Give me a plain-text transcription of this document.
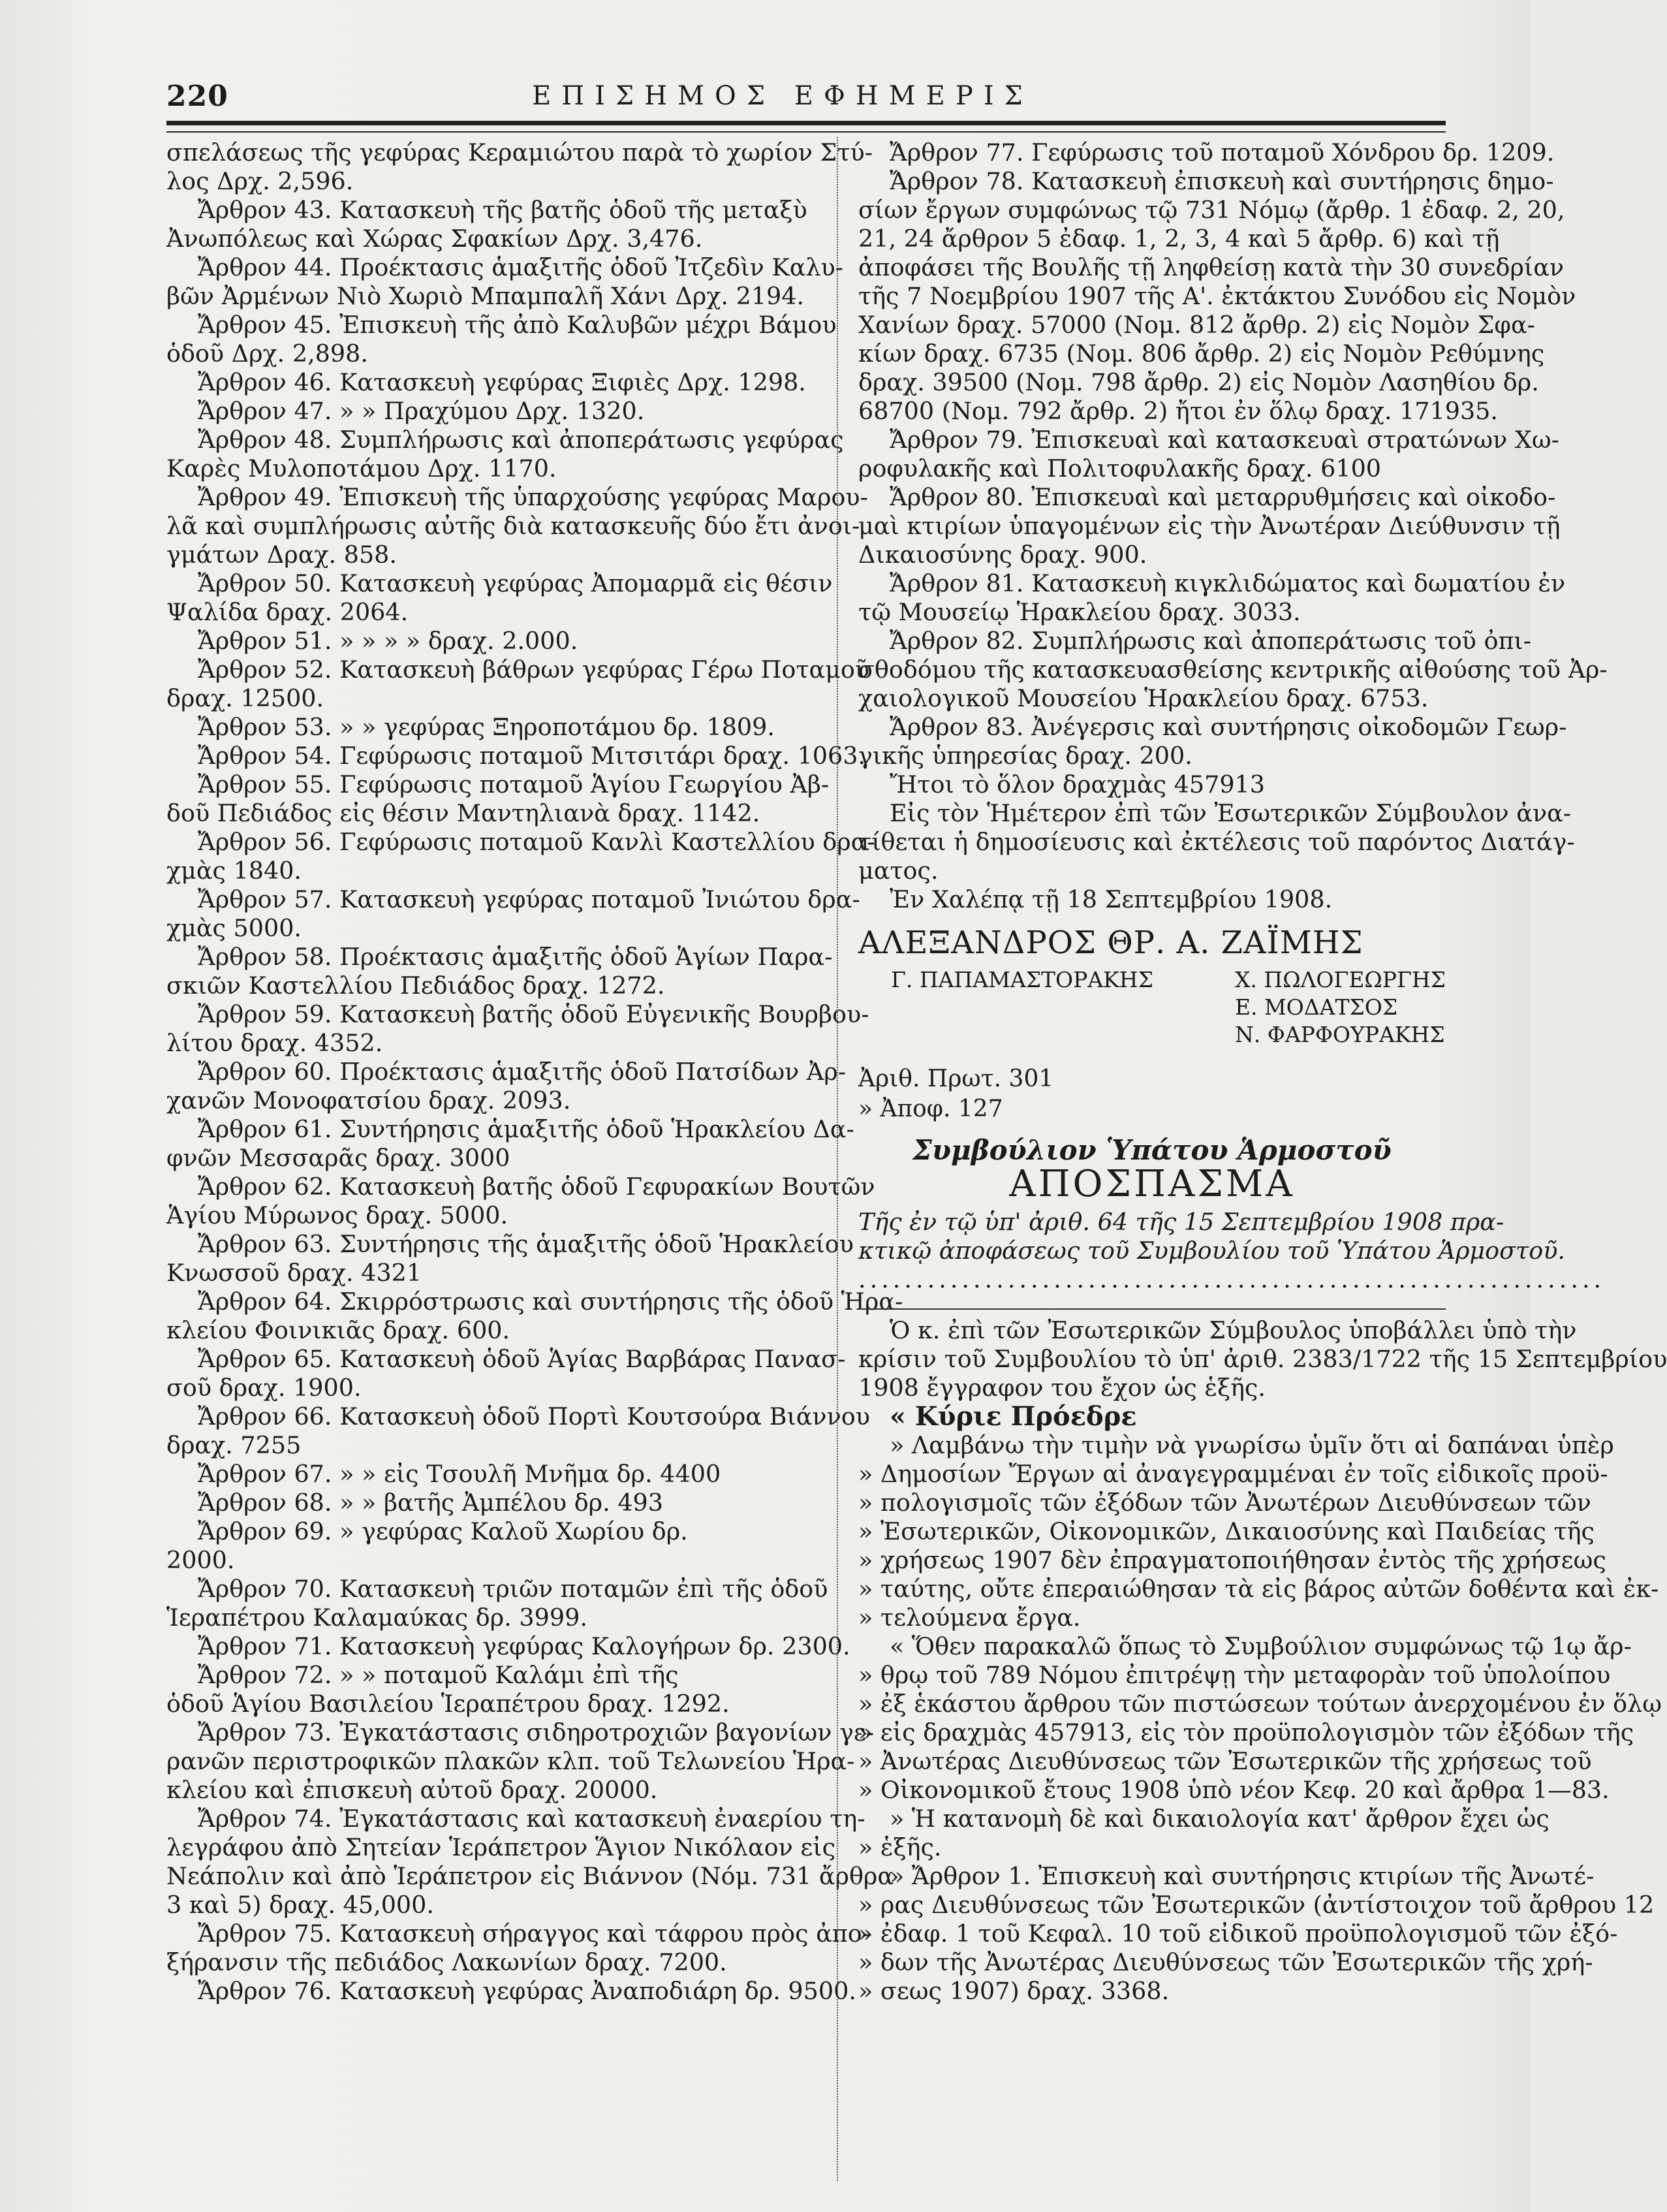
220	ΕΠΙΣΗΜΟΣ ΕΦΗΜΕΡΙΣ
σπελάσεως τῆς γεφύρας Κεραμιώτου παρὰ τὸ χωρίον Στύ-
λος Δρχ. 2,596.
Ἄρθρον 43. Κατασκευὴ τῆς βατῆς ὁδοῦ τῆς μεταξὺ
Ἀνωπόλεως καὶ Χώρας Σφακίων Δρχ. 3,476.
Ἄρθρον 44. Προέκτασις ἁμαξιτῆς ὁδοῦ Ἰτζεδὶν Καλυ-
βῶν Ἀρμένων Νιὸ Χωριὸ Μπαμπαλῆ Χάνι Δρχ. 2194.
Ἄρθρον 45. Ἐπισκευὴ τῆς ἀπὸ Καλυβῶν μέχρι Βάμου
ὁδοῦ Δρχ. 2,898.
Ἄρθρον 46. Κατασκευὴ γεφύρας Ξιφιὲς Δρχ. 1298.
Ἄρθρον 47. » » Πραχύμου Δρχ. 1320.
Ἄρθρον 48. Συμπλήρωσις καὶ ἀποπεράτωσις γεφύρας
Καρὲς Μυλοποτάμου Δρχ. 1170.
Ἄρθρον 49. Ἐπισκευὴ τῆς ὑπαρχούσης γεφύρας Μαρου-
λᾶ καὶ συμπλήρωσις αὐτῆς διὰ κατασκευῆς δύο ἔτι ἀνοι-
γμάτων Δραχ. 858.
Ἄρθρον 50. Κατασκευὴ γεφύρας Ἀπομαρμᾶ εἰς θέσιν
Ψαλίδα δραχ. 2064.
Ἄρθρον 51. » » » » δραχ. 2.000.
Ἄρθρον 52. Κατασκευὴ βάθρων γεφύρας Γέρω Ποταμοῦ
δραχ. 12500.
Ἄρθρον 53. » » γεφύρας Ξηροποτάμου δρ. 1809.
Ἄρθρον 54. Γεφύρωσις ποταμοῦ Μιτσιτάρι δραχ. 1063.
Ἄρθρον 55. Γεφύρωσις ποταμοῦ Ἁγίου Γεωργίου Ἀβ-
δοῦ Πεδιάδος εἰς θέσιν Μαντηλιανὰ δραχ. 1142.
Ἄρθρον 56. Γεφύρωσις ποταμοῦ Κανλὶ Καστελλίου δρα-
χμὰς 1840.
Ἄρθρον 57. Κατασκευὴ γεφύρας ποταμοῦ Ἰνιώτου δρα-
χμὰς 5000.
Ἄρθρον 58. Προέκτασις ἁμαξιτῆς ὁδοῦ Ἁγίων Παρα-
σκιῶν Καστελλίου Πεδιάδος δραχ. 1272.
Ἄρθρον 59. Κατασκευὴ βατῆς ὁδοῦ Εὐγενικῆς Βουρβου-
λίτου δραχ. 4352.
Ἄρθρον 60. Προέκτασις ἁμαξιτῆς ὁδοῦ Πατσίδων Ἀρ-
χανῶν Μονοφατσίου δραχ. 2093.
Ἄρθρον 61. Συντήρησις ἁμαξιτῆς ὁδοῦ Ἡρακλείου Δα-
φνῶν Μεσσαρᾶς δραχ. 3000
Ἄρθρον 62. Κατασκευὴ βατῆς ὁδοῦ Γεφυρακίων Βουτῶν
Ἁγίου Μύρωνος δραχ. 5000.
Ἄρθρον 63. Συντήρησις τῆς ἁμαξιτῆς ὁδοῦ Ἡρακλείου
Κνωσσοῦ δραχ. 4321
Ἄρθρον 64. Σκιρρόστρωσις καὶ συντήρησις τῆς ὁδοῦ Ἡρα-
κλείου Φοινικιᾶς δραχ. 600.
Ἄρθρον 65. Κατασκευὴ ὁδοῦ Ἁγίας Βαρβάρας Πανασ-
σοῦ δραχ. 1900.
Ἄρθρον 66. Κατασκευὴ ὁδοῦ Πορτὶ Κουτσούρα Βιάννου
δραχ. 7255
Ἄρθρον 67. » » εἰς Τσουλῆ Μνῆμα δρ. 4400
Ἄρθρον 68. » » βατῆς Ἀμπέλου δρ. 493
Ἄρθρον 69. » γεφύρας Καλοῦ Χωρίου δρ.
2000.
Ἄρθρον 70. Κατασκευὴ τριῶν ποταμῶν ἐπὶ τῆς ὁδοῦ
Ἱεραπέτρου Καλαμαύκας δρ. 3999.
Ἄρθρον 71. Κατασκευὴ γεφύρας Καλογήρων δρ. 2300.
Ἄρθρον 72. » » ποταμοῦ Καλάμι ἐπὶ τῆς
ὁδοῦ Ἁγίου Βασιλείου Ἱεραπέτρου δραχ. 1292.
Ἄρθρον 73. Ἐγκατάστασις σιδηροτροχιῶν βαγονίων γε-
ρανῶν περιστροφικῶν πλακῶν κλπ. τοῦ Τελωνείου Ἡρα-
κλείου καὶ ἐπισκευὴ αὐτοῦ δραχ. 20000.
Ἄρθρον 74. Ἐγκατάστασις καὶ κατασκευὴ ἐναερίου τη-
λεγράφου ἀπὸ Σητείαν Ἱεράπετρον Ἅγιον Νικόλαον εἰς
Νεάπολιν καὶ ἀπὸ Ἱεράπετρον εἰς Βιάννον (Νόμ. 731 ἄρθρα
3 καὶ 5) δραχ. 45,000.
Ἄρθρον 75. Κατασκευὴ σήραγγος καὶ τάφρου πρὸς ἀπο-
ξήρανσιν τῆς πεδιάδος Λακωνίων δραχ. 7200.
Ἄρθρον 76. Κατασκευὴ γεφύρας Ἀναποδιάρη δρ. 9500.
Ἄρθρον 77. Γεφύρωσις τοῦ ποταμοῦ Χόνδρου δρ. 1209.
Ἄρθρον 78. Κατασκευὴ ἐπισκευὴ καὶ συντήρησις δημο-
σίων ἔργων συμφώνως τῷ 731 Νόμῳ (ἄρθρ. 1 ἐδαφ. 2, 20,
21, 24 ἄρθρον 5 ἐδαφ. 1, 2, 3, 4 καὶ 5 ἄρθρ. 6) καὶ τῇ
ἀποφάσει τῆς Βουλῆς τῇ ληφθείσῃ κατὰ τὴν 30 συνεδρίαν
τῆς 7 Νοεμβρίου 1907 τῆς Α'. ἐκτάκτου Συνόδου εἰς Νομὸν
Χανίων δραχ. 57000 (Νομ. 812 ἄρθρ. 2) εἰς Νομὸν Σφα-
κίων δραχ. 6735 (Νομ. 806 ἄρθρ. 2) εἰς Νομὸν Ρεθύμνης
δραχ. 39500 (Νομ. 798 ἄρθρ. 2) εἰς Νομὸν Λασηθίου δρ.
68700 (Νομ. 792 ἄρθρ. 2) ἤτοι ἐν ὅλῳ δραχ. 171935.
Ἄρθρον 79. Ἐπισκευαὶ καὶ κατασκευαὶ στρατώνων Χω-
ροφυλακῆς καὶ Πολιτοφυλακῆς δραχ. 6100
Ἄρθρον 80. Ἐπισκευαὶ καὶ μεταρρυθμήσεις καὶ οἰκοδο-
μαὶ κτιρίων ὑπαγομένων εἰς τὴν Ἀνωτέραν Διεύθυνσιν τῇ
Δικαιοσύνης δραχ. 900.
Ἄρθρον 81. Κατασκευὴ κιγκλιδώματος καὶ δωματίου ἐν
τῷ Μουσείῳ Ἡρακλείου δραχ. 3033.
Ἄρθρον 82. Συμπλήρωσις καὶ ἀποπεράτωσις τοῦ ὀπι-
σθοδόμου τῆς κατασκευασθείσης κεντρικῆς αἰθούσης τοῦ Ἀρ-
χαιολογικοῦ Μουσείου Ἡρακλείου δραχ. 6753.
Ἄρθρον 83. Ἀνέγερσις καὶ συντήρησις οἰκοδομῶν Γεωρ-
γικῆς ὑπηρεσίας δραχ. 200.
Ἤτοι τὸ ὅλον δραχμὰς 457913
Εἰς τὸν Ἡμέτερον ἐπὶ τῶν Ἐσωτερικῶν Σύμβουλον ἀνα-
τίθεται ἡ δημοσίευσις καὶ ἐκτέλεσις τοῦ παρόντος Διατάγ-
ματος.
Ἐν Χαλέπᾳ τῇ 18 Σεπτεμβρίου 1908.
ΑΛΕΞΑΝΔΡΟΣ ΘΡ. Α. ΖΑΪΜΗΣ
Γ. ΠΑΠΑΜΑΣΤΟΡΑΚΗΣ	Χ. ΠΩΛΟΓΕΩΡΓΗΣ
Ε. ΜΟΔΑΤΣΟΣ
Ν. ΦΑΡΦΟΥΡΑΚΗΣ
Ἀριθ. Πρωτ. 301
» Ἀποφ. 127
Συμβούλιον Ὑπάτου Ἁρμοστοῦ
ΑΠΟΣΠΑΣΜΑ
Τῆς ἐν τῷ ὑπ' ἀριθ. 64 τῆς 15 Σεπτεμβρίου 1908 πρα-
κτικῷ ἀποφάσεως τοῦ Συμβουλίου τοῦ Ὑπάτου Ἁρμοστοῦ.
.................................................................
Ὁ κ. ἐπὶ τῶν Ἐσωτερικῶν Σύμβουλος ὑποβάλλει ὑπὸ τὴν
κρίσιν τοῦ Συμβουλίου τὸ ὑπ' ἀριθ. 2383/1722 τῆς 15 Σεπτεμβρίου
1908 ἔγγραφον του ἔχον ὡς ἑξῆς.
« Κύριε Πρόεδρε
» Λαμβάνω τὴν τιμὴν νὰ γνωρίσω ὑμῖν ὅτι αἱ δαπάναι ὑπὲρ
» Δημοσίων Ἔργων αἱ ἀναγεγραμμέναι ἐν τοῖς εἰδικοῖς προϋ-
» πολογισμοῖς τῶν ἐξόδων τῶν Ἀνωτέρων Διευθύνσεων τῶν
» Ἐσωτερικῶν, Οἰκονομικῶν, Δικαιοσύνης καὶ Παιδείας τῆς
» χρήσεως 1907 δὲν ἐπραγματοποιήθησαν ἐντὸς τῆς χρήσεως
» ταύτης, οὔτε ἐπεραιώθησαν τὰ εἰς βάρος αὐτῶν δοθέντα καὶ ἐκ-
» τελούμενα ἔργα.
« Ὅθεν παρακαλῶ ὅπως τὸ Συμβούλιον συμφώνως τῷ 1ῳ ἄρ-
» θρῳ τοῦ 789 Νόμου ἐπιτρέψῃ τὴν μεταφορὰν τοῦ ὑπολοίπου
» ἐξ ἑκάστου ἄρθρου τῶν πιστώσεων τούτων ἀνερχομένου ἐν ὅλῳ
» εἰς δραχμὰς 457913, εἰς τὸν προϋπολογισμὸν τῶν ἐξόδων τῆς
» Ἀνωτέρας Διευθύνσεως τῶν Ἐσωτερικῶν τῆς χρήσεως τοῦ
» Οἰκονομικοῦ ἔτους 1908 ὑπὸ νέον Κεφ. 20 καὶ ἄρθρα 1—83.
» Ἡ κατανομὴ δὲ καὶ δικαιολογία κατ' ἄρθρον ἔχει ὡς
» ἑξῆς.
» Ἄρθρον 1. Ἐπισκευὴ καὶ συντήρησις κτιρίων τῆς Ἀνωτέ-
» ρας Διευθύνσεως τῶν Ἐσωτερικῶν (ἀντίστοιχον τοῦ ἄρθρου 12
» ἐδαφ. 1 τοῦ Κεφαλ. 10 τοῦ εἰδικοῦ προϋπολογισμοῦ τῶν ἐξό-
» δων τῆς Ἀνωτέρας Διευθύνσεως τῶν Ἐσωτερικῶν τῆς χρή-
» σεως 1907) δραχ. 3368.
